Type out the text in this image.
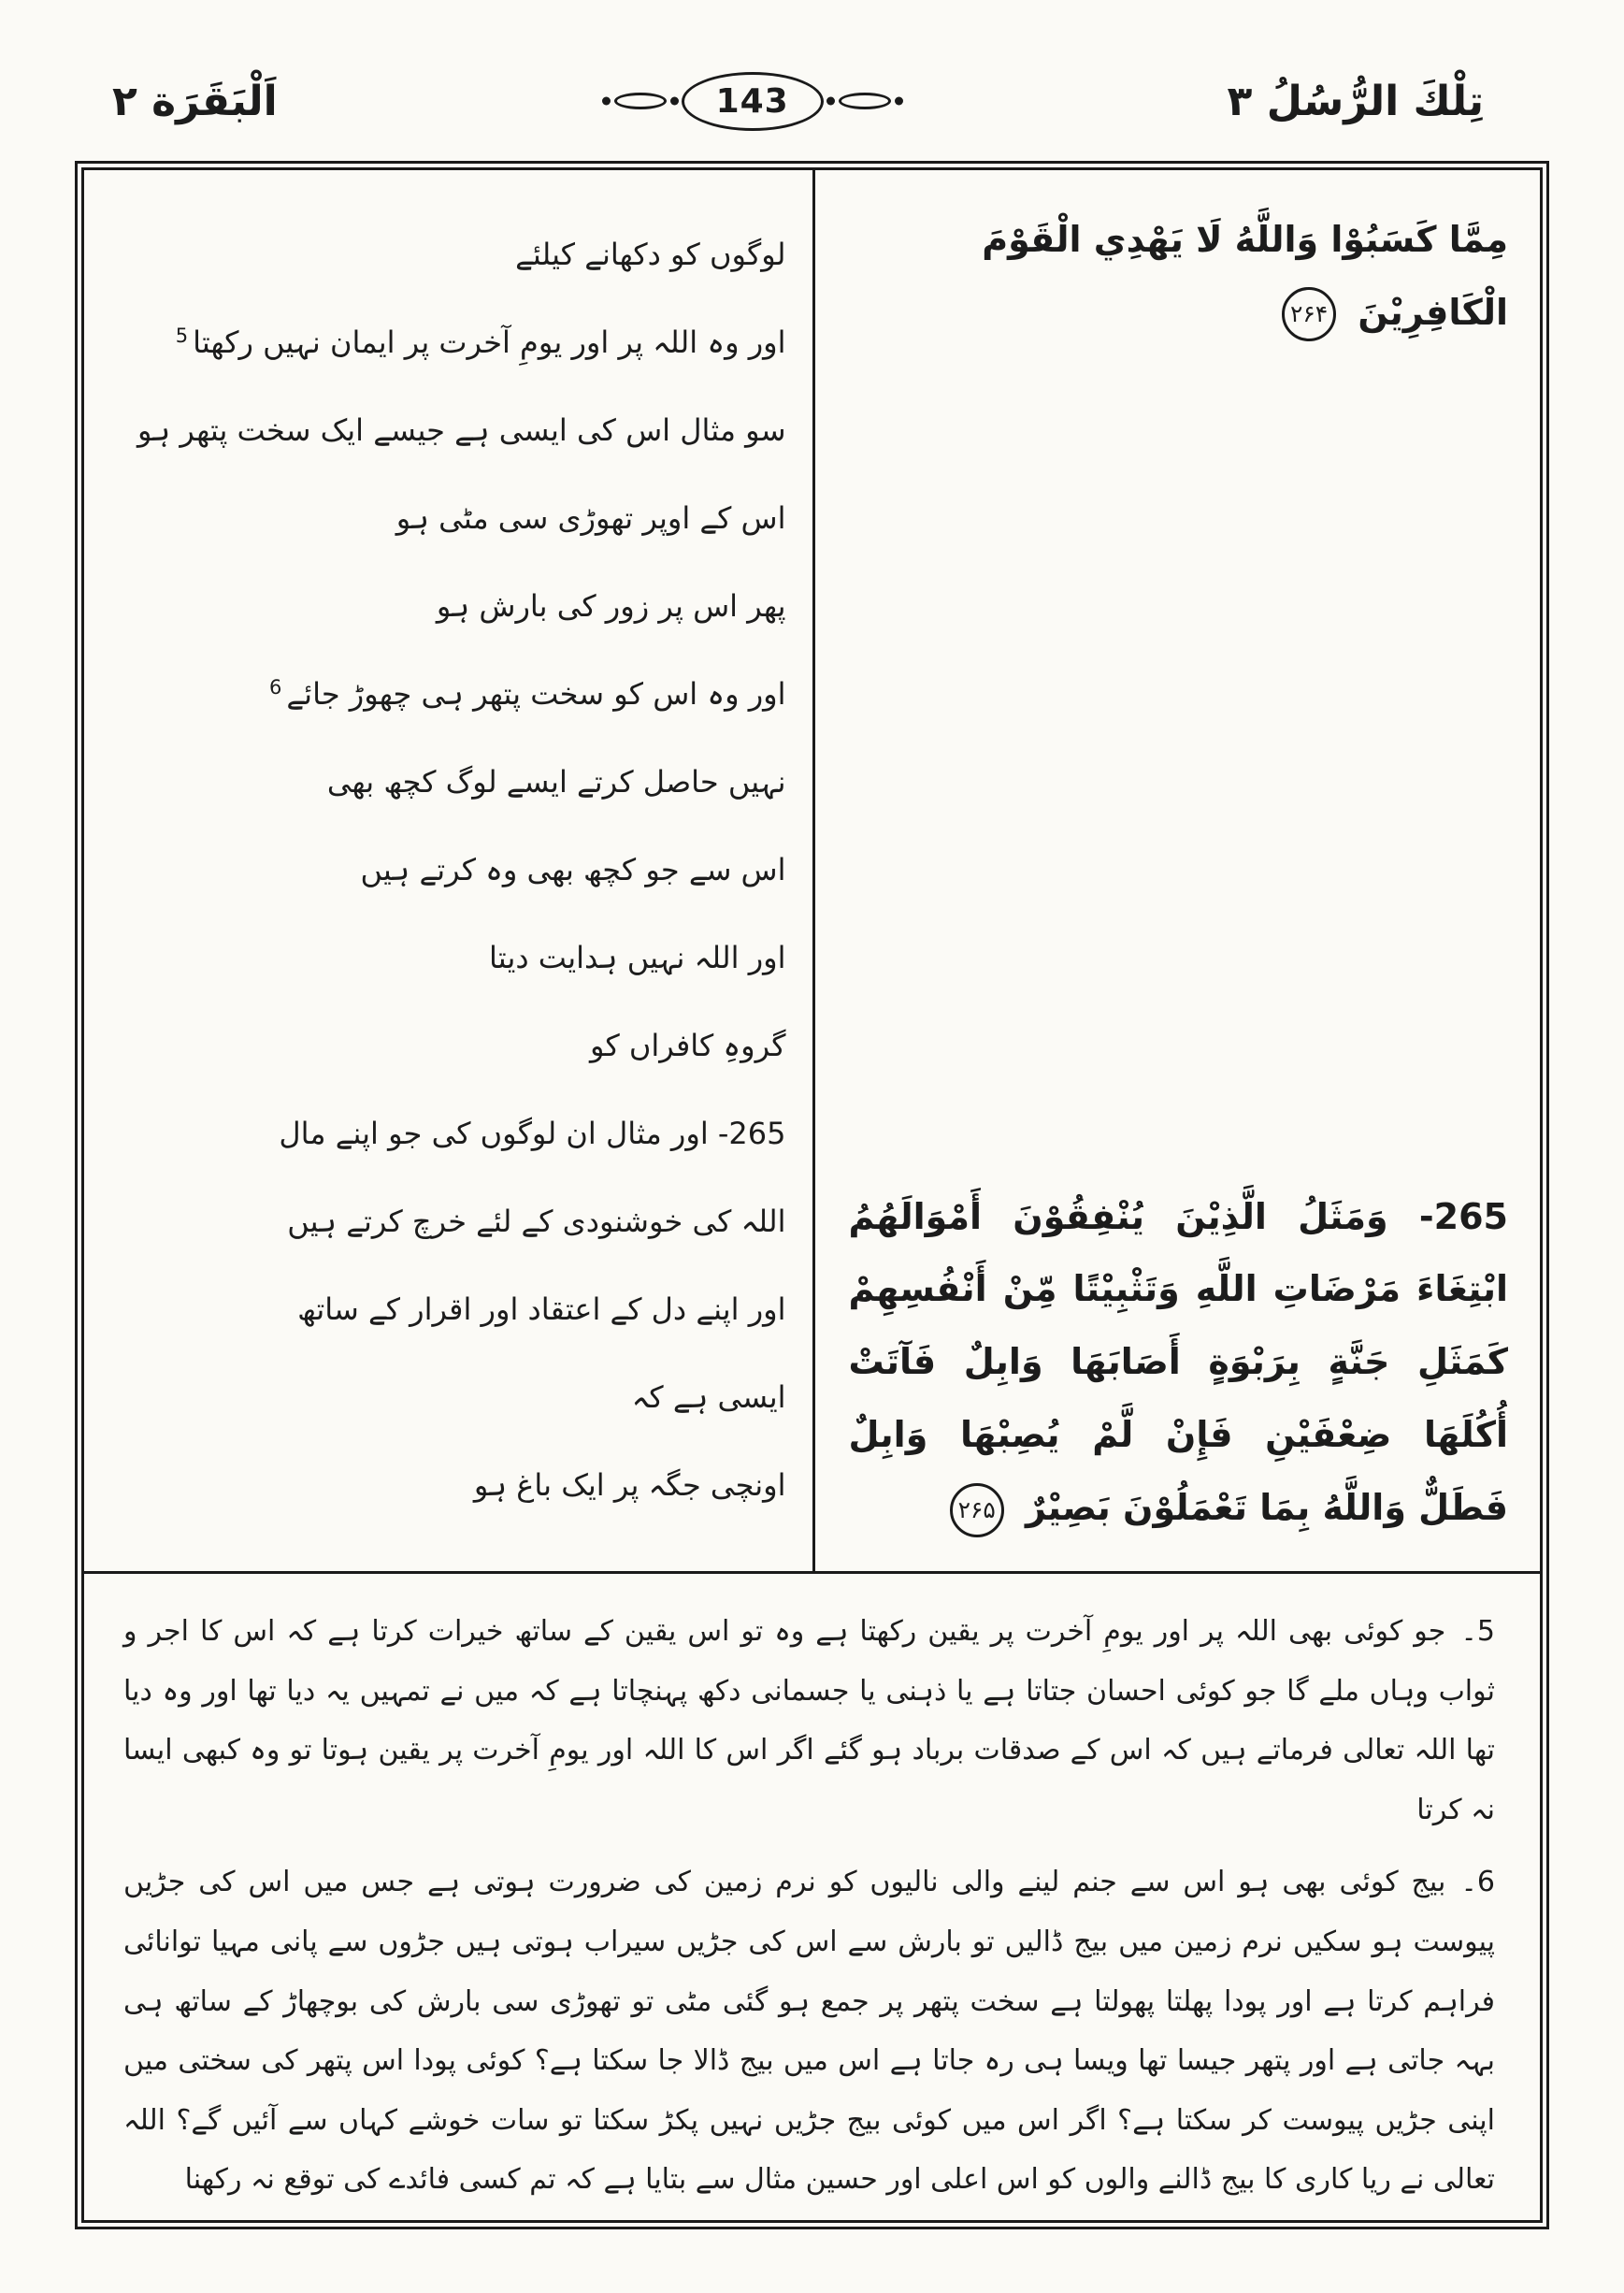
اَلْبَقَرَة ۲	143	تِلْكَ الرُّسُلُ ۳
لوگوں کو دکھانے کیلئے
اور وہ اللہ پر اور یومِ آخرت پر ایمان نہیں رکھتا$^5$
سو مثال اس کی ایسی ہے جیسے ایک سخت پتھر ہو
اس کے اوپر تھوڑی سی مٹی ہو
پھر اس پر زور کی بارش ہو
اور وہ اس کو سخت پتھر ہی چھوڑ جائے$^6$
نہیں حاصل کرتے ایسے لوگ کچھ بھی
اس سے جو کچھ بھی وہ کرتے ہیں
اور اللہ نہیں ہدایت دیتا
گروہِ کافراں کو
265- اور مثال ان لوگوں کی جو اپنے مال
اللہ کی خوشنودی کے لئے خرچ کرتے ہیں
اور اپنے دل کے اعتقاد اور اقرار کے ساتھ
ایسی ہے کہ
اونچی جگہ پر ایک باغ ہو

مِمَّا كَسَبُوْا وَاللَّهُ لَا يَهْدِي الْقَوْمَ الْكَافِرِيْنَ ۲۶۴

265- وَمَثَلُ الَّذِيْنَ يُنْفِقُوْنَ أَمْوَالَهُمُ ابْتِغَاءَ مَرْضَاتِ اللَّهِ وَتَثْبِيْتًا مِّنْ أَنْفُسِهِمْ كَمَثَلِ جَنَّةٍ بِرَبْوَةٍ أَصَابَهَا وَابِلٌ فَآتَتْ أُكُلَهَا ضِعْفَيْنِ فَإِنْ لَّمْ يُصِبْهَا وَابِلٌ فَطَلٌّ وَاللَّهُ بِمَا تَعْمَلُوْنَ بَصِيْرٌ ۲۶۵

5۔جو کوئی بھی اللہ پر اور یومِ آخرت پر یقین رکھتا ہے وہ تو اس یقین کے ساتھ خیرات کرتا ہے کہ اس کا اجر و ثواب وہاں ملے گا جو کوئی احسان جتاتا ہے یا ذہنی یا جسمانی دکھ پہنچاتا ہے کہ میں نے تمہیں یہ دیا تھا اور وہ دیا تھا اللہ تعالی فرماتے ہیں کہ اس کے صدقات برباد ہو گئے اگر اس کا اللہ اور یومِ آخرت پر یقین ہوتا تو وہ کبھی ایسا نہ کرتا

6۔بیج کوئی بھی ہو اس سے جنم لینے والی نالیوں کو نرم زمین کی ضرورت ہوتی ہے جس میں اس کی جڑیں پیوست ہو سکیں نرم زمین میں بیج ڈالیں تو بارش سے اس کی جڑیں سیراب ہوتی ہیں جڑوں سے پانی مہیا توانائی فراہم کرتا ہے اور پودا پھلتا پھولتا ہے سخت پتھر پر جمع ہو گئی مٹی تو تھوڑی سی بارش کی بوچھاڑ کے ساتھ ہی بہہ جاتی ہے اور پتھر جیسا تھا ویسا ہی رہ جاتا ہے اس میں بیج ڈالا جا سکتا ہے؟ کوئی پودا اس پتھر کی سختی میں اپنی جڑیں پیوست کر سکتا ہے؟ اگر اس میں کوئی بیج جڑیں نہیں پکڑ سکتا تو سات خوشے کہاں سے آئیں گے؟ اللہ تعالی نے ریا کاری کا بیج ڈالنے والوں کو اس اعلی اور حسین مثال سے بتایا ہے کہ تم کسی فائدے کی توقع نہ رکھنا
